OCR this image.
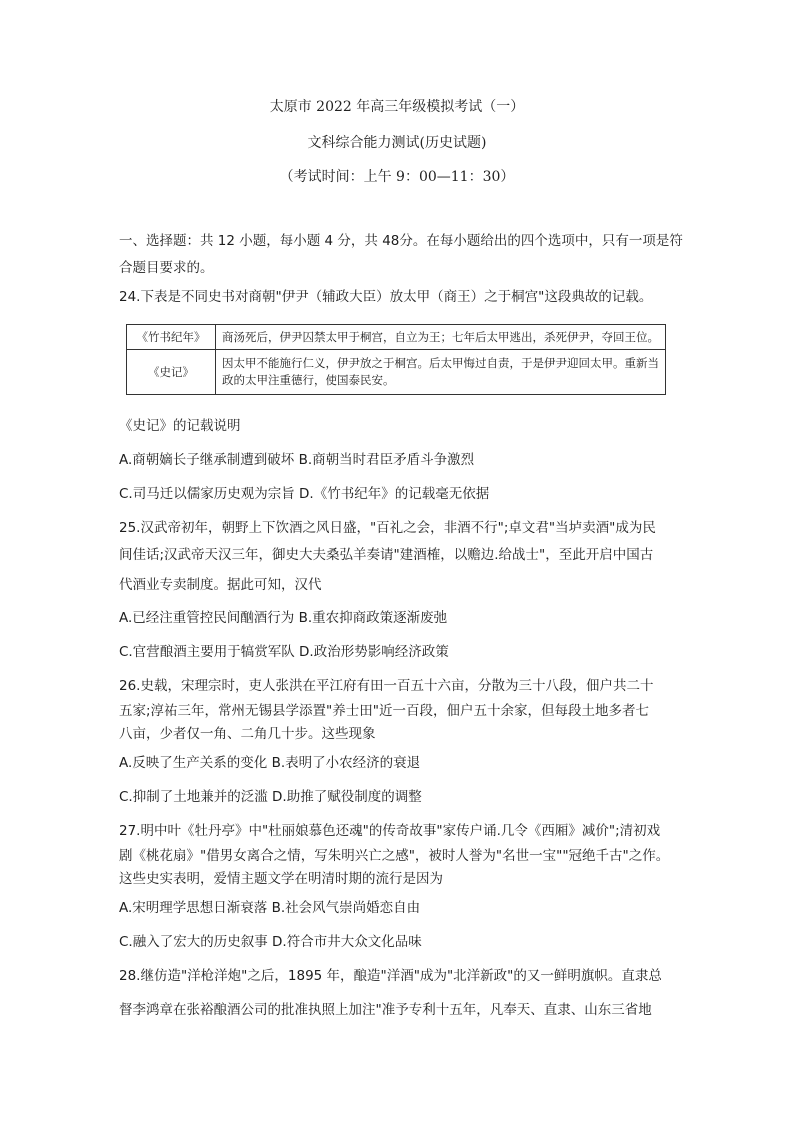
太原市 2022 年高三年级模拟考试（一）
文科综合能力测试(历史试题)
（考试时间：上午 9：00—11：30）
一、选择题：共 12 小题，每小题 4 分，共 48分。在每小题给出的四个选项中，只有一项是符合题目要求的。
24.下表是不同史书对商朝"伊尹（辅政大臣）放太甲（商王）之于桐宫"这段典故的记载。
《竹书纪年》	商汤死后，伊尹囚禁太甲于桐宫，自立为王；七年后太甲逃出，杀死伊尹，夺回王位。
《史记》	因太甲不能施行仁义，伊尹放之于桐宫。后太甲悔过自责，于是伊尹迎回太甲。重新当政的太甲注重德行，使国泰民安。
《史记》的记载说明
A.商朝嫡长子继承制遭到破坏 B.商朝当时君臣矛盾斗争激烈
C.司马迁以儒家历史观为宗旨 D.《竹书纪年》的记载毫无依据
25.汉武帝初年，朝野上下饮酒之风日盛，"百礼之会，非酒不行";卓文君"当垆卖酒"成为民
间佳话;汉武帝天汉三年，御史大夫桑弘羊奏请"建酒榷，以赡边.给战士"，至此开启中国古
代酒业专卖制度。据此可知，汉代
A.已经注重管控民间酗酒行为 B.重农抑商政策逐渐废弛
C.官营酿酒主要用于犒赏军队 D.政治形势影响经济政策
26.史载，宋理宗时，吏人张洪在平江府有田一百五十六亩，分散为三十八段，佃户共二十
五家;淳祐三年，常州无锡县学添置"养士田"近一百段，佃户五十余家，但每段土地多者七
八亩，少者仅一角、二角几十步。这些现象
A.反映了生产关系的变化 B.表明了小农经济的衰退
C.抑制了土地兼并的泛滥 D.助推了赋役制度的调整
27.明中叶《牡丹亭》中"杜丽娘慕色还魂"的传奇故事"家传户诵.几令《西厢》减价";清初戏
剧《桃花扇》"借男女离合之情，写朱明兴亡之感"，被时人誉为"名世一宝""冠绝千古"之作。
这些史实表明，爱情主题文学在明清时期的流行是因为
A.宋明理学思想日渐衰落 B.社会风气崇尚婚恋自由
C.融入了宏大的历史叙事 D.符合市井大众文化品味
28.继仿造"洋枪洋炮"之后，1895 年，酿造"洋酒"成为"北洋新政"的又一鲜明旗帜。直隶总
督李鸿章在张裕酿酒公司的批准执照上加注"准予专利十五年，凡奉天、直隶、山东三省地
